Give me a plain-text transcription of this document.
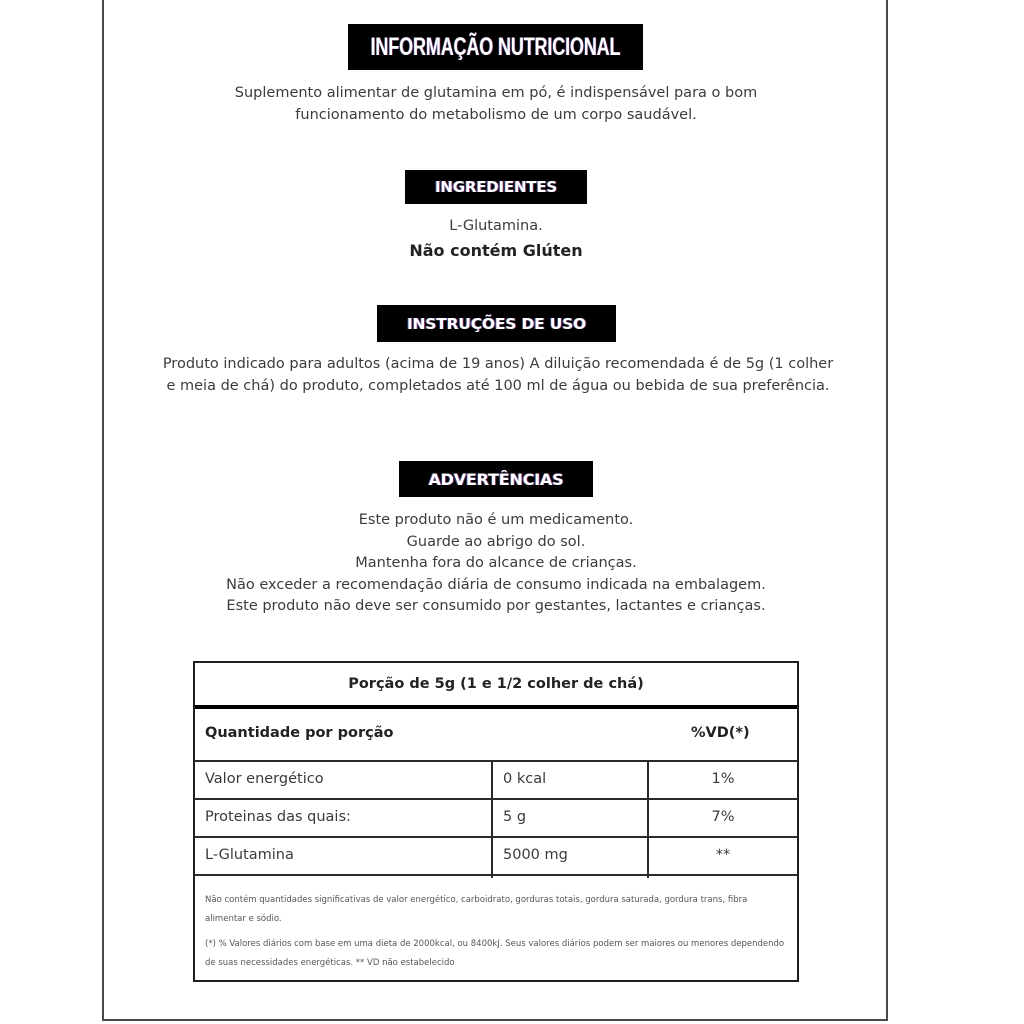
INFORMAÇÃO NUTRICIONAL
Suplemento alimentar de glutamina em pó, é indispensável para o bom funcionamento do metabolismo de um corpo saudável.
INGREDIENTES
L-Glutamina.
Não contém Glúten
INSTRUÇÕES DE USO
Produto indicado para adultos (acima de 19 anos) A diluição recomendada é de 5g (1 colher e meia de chá) do produto, completados até 100 ml de água ou bebida de sua preferência.
ADVERTÊNCIAS
Este produto não é um medicamento.
Guarde ao abrigo do sol.
Mantenha fora do alcance de crianças.
Não exceder a recomendação diária de consumo indicada na embalagem.
Este produto não deve ser consumido por gestantes, lactantes e crianças.
Porção de 5g (1 e 1/2 colher de chá)
Quantidade por porção	%VD(*)
Valor energético	0 kcal	1%
Proteinas das quais:	5 g	7%
L-Glutamina	5000 mg	**

Não contém quantidades significativas de valor energético, carboidrato, gorduras totais, gordura saturada, gordura trans, fibra alimentar e sódio.

(*) % Valores diários com base em uma dieta de 2000kcal, ou 8400kJ. Seus valores diários podem ser maiores ou menores dependendo de suas necessidades energéticas. ** VD não estabelecido
